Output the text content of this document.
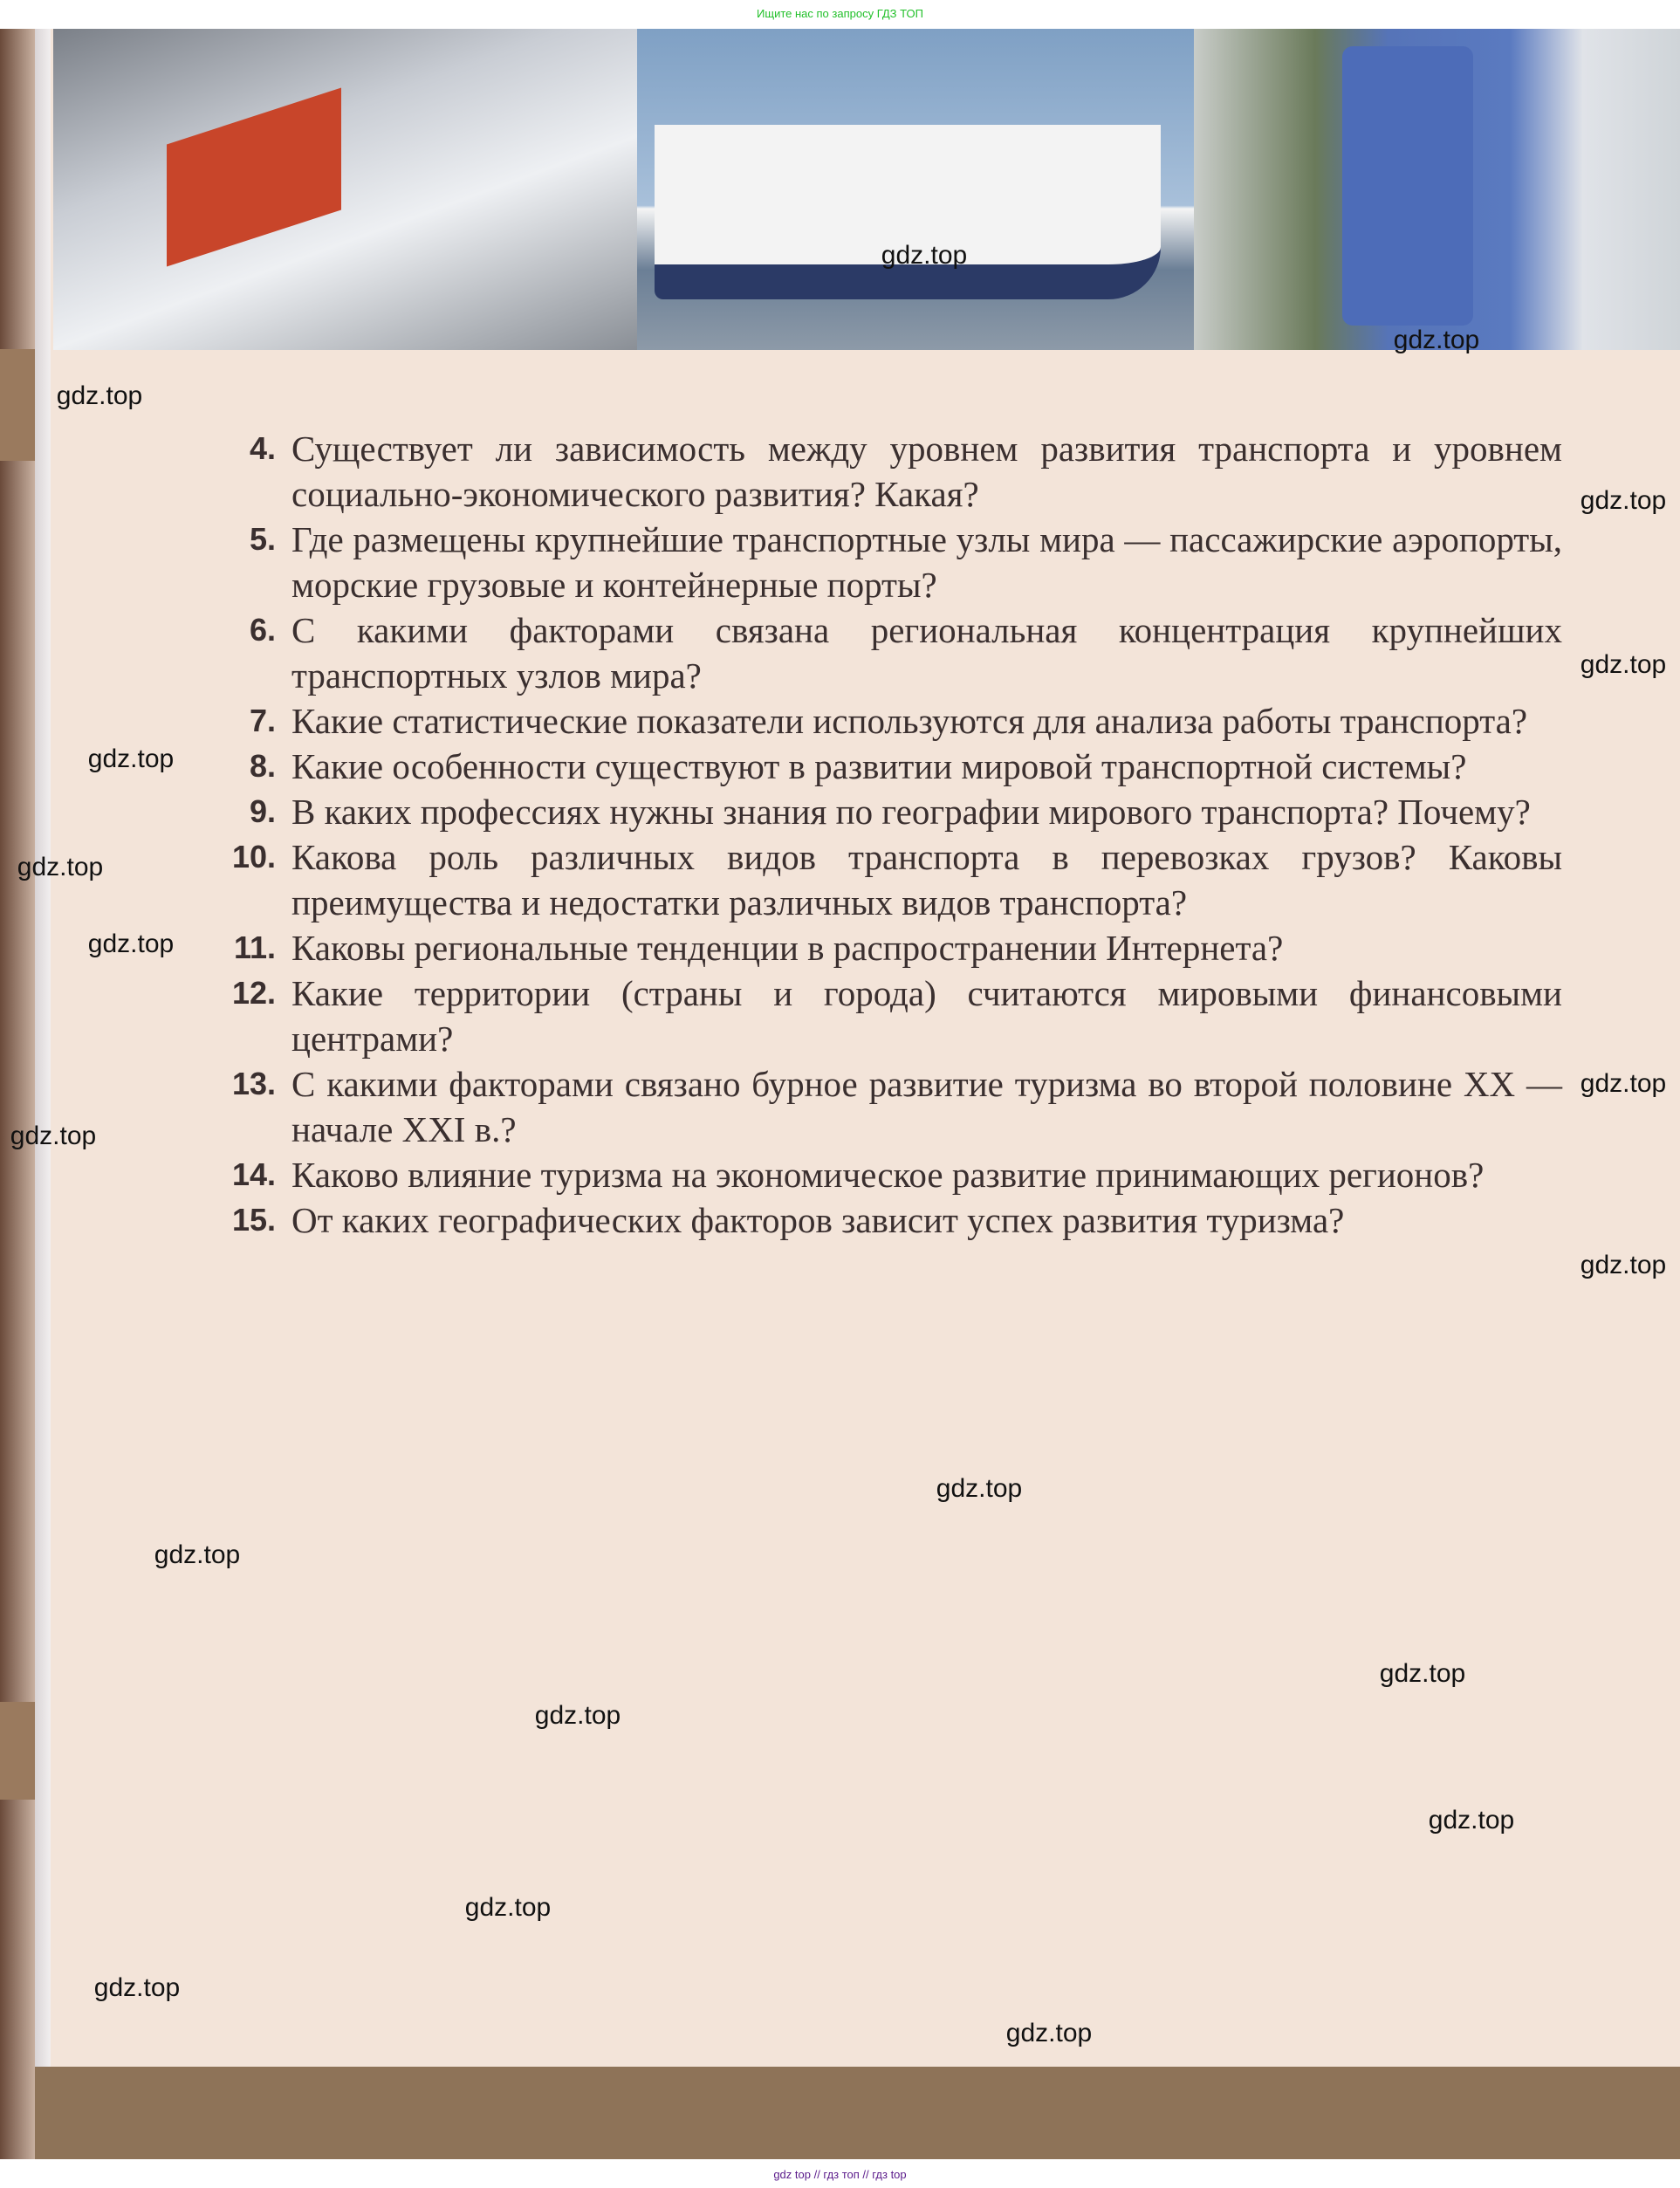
Ищите нас по запросу ГДЗ ТОП
4. Существует ли зависимость между уровнем развития транспорта и уровнем социально-экономического развития? Какая?
5. Где размещены крупнейшие транспортные узлы мира — пассажирские аэропорты, морские грузовые и контейнерные порты?
6. С какими факторами связана региональная концентрация крупнейших транспортных узлов мира?
7. Какие статистические показатели используются для анализа работы транспорта?
8. Какие особенности существуют в развитии мировой транспортной системы?
9. В каких профессиях нужны знания по географии мирового транспорта? Почему?
10. Какова роль различных видов транспорта в перевозках грузов? Каковы преимущества и недостатки различных видов транспорта?
11. Каковы региональные тенденции в распространении Интернета?
12. Какие территории (страны и города) считаются мировыми финансовыми центрами?
13. С какими факторами связано бурное развитие туризма во второй половине XX — начале XXI в.?
14. Каково влияние туризма на экономическое развитие принимающих регионов?
15. От каких географических факторов зависит успех развития туризма?
gdz top // гдз топ // гдз top
gdz.top
gdz.top
gdz.top
gdz.top
gdz.top
gdz.top
gdz.top
gdz.top
gdz.top
gdz.top
gdz.top
gdz.top
gdz.top
gdz.top
gdz.top
gdz.top
gdz.top
gdz.top
gdz.top
